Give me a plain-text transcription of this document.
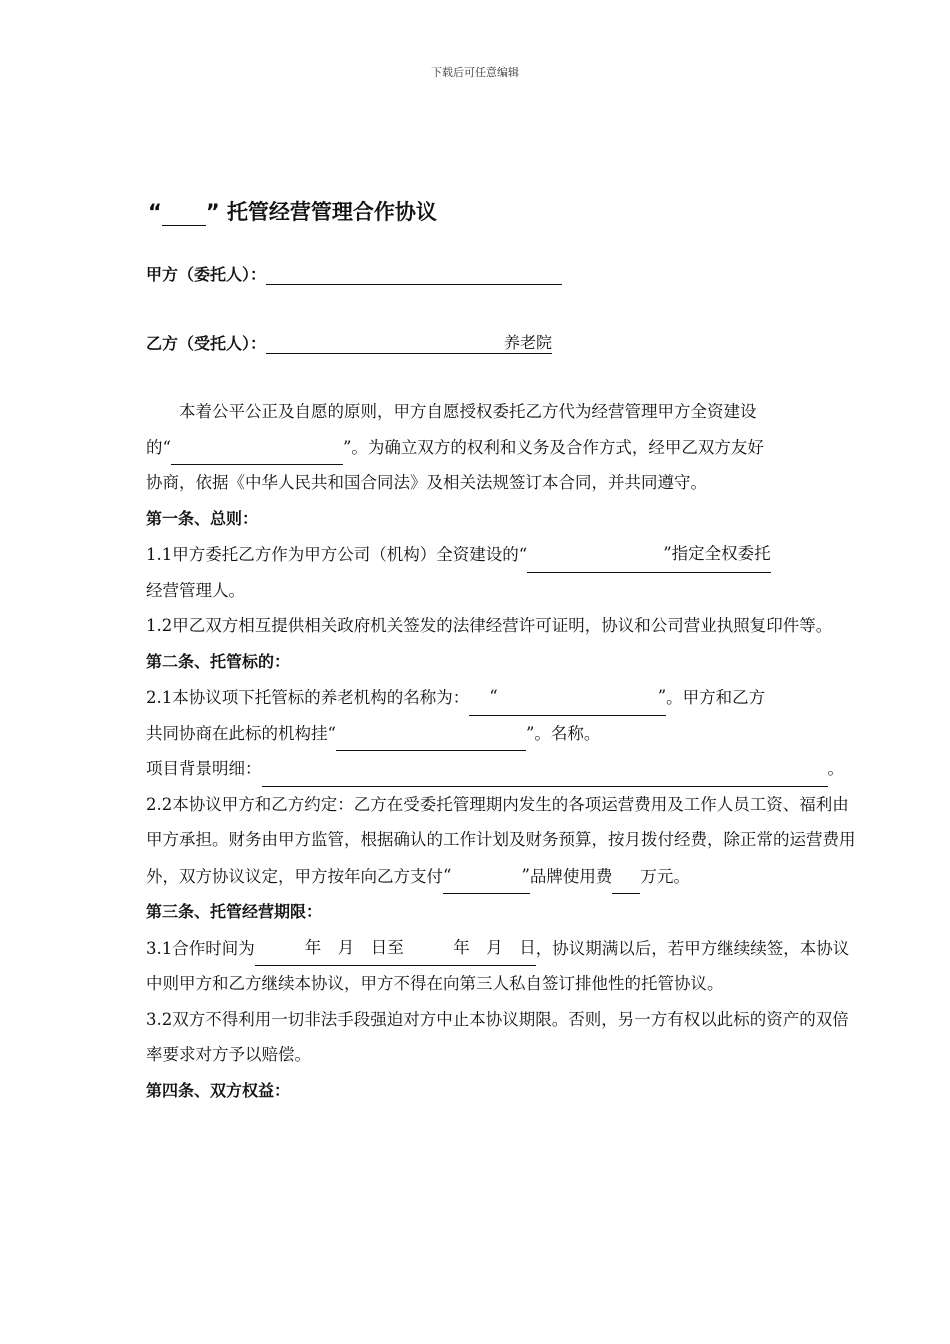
下载后可任意编辑
“ ” 托管经营管理合作协议
甲方（委托人）：
乙方（受托人）：	养老院

本着公平公正及自愿的原则，甲方自愿授权委托乙方代为经营管理甲方全资建设

的“	”。为确立双方的权利和义务及合作方式，经甲乙双方友好

协商，依据《中华人民共和国合同法》及相关法规签订本合同，并共同遵守。

第一条、总则：

1.1甲方委托乙方作为甲方公司（机构）全资建设的“	”指定全权委托

经营管理人。

1.2甲乙双方相互提供相关政府机关签发的法律经营许可证明，协议和公司营业执照复印件等。

第二条、托管标的：

2.1本协议项下托管标的养老机构的名称为： “	”。甲方和乙方

共同协商在此标的机构挂“	”。名称。

项目背景明细：	。

2.2本协议甲方和乙方约定：乙方在受委托管理期内发生的各项运营费用及工作人员工资、福利由甲方承担。财务由甲方监管，根据确认的工作计划及财务预算，按月拨付经费，除正常的运营费用外，双方协议议定，甲方按年向乙方支付“	”品牌使用费 万元。

第三条、托管经营期限：

3.1合作时间为	年　月　日至　　　年　月　日，协议期满以后，若甲方继续续签，本协议中则甲方和乙方继续本协议，甲方不得在向第三人私自签订排他性的托管协议。

3.2双方不得利用一切非法手段强迫对方中止本协议期限。否则，另一方有权以此标的资产的双倍率要求对方予以赔偿。

第四条、双方权益：
